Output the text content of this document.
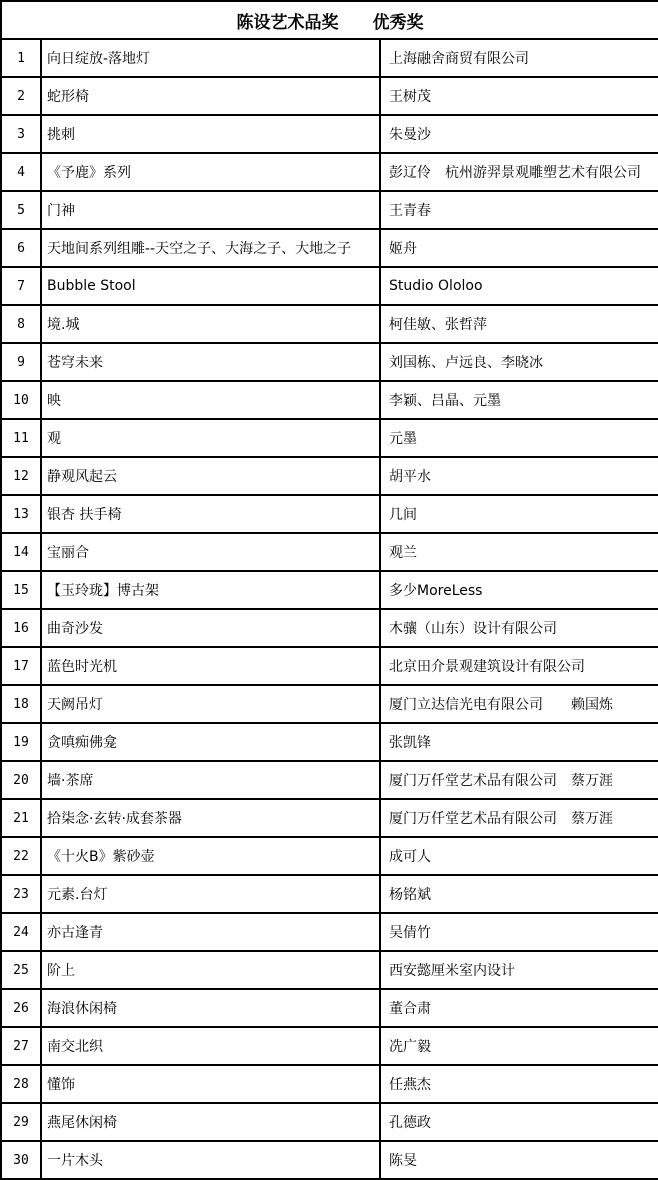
陈设艺术品奖　　优秀奖		
1	向日绽放-落地灯	上海融舍商贸有限公司
2	蛇形椅	王树茂
3	挑刺	朱曼沙
4	《予鹿》系列	彭辽伶　杭州游羿景观雕塑艺术有限公司
5	门神	王青春
6	天地间系列组雕--天空之子、大海之子、大地之子	姬舟
7	Bubble Stool	Studio Ololoo
8	境.城	柯佳敏、张哲萍
9	苍穹未来	刘国栋、卢远良、李晓冰
10	映	李颖、吕晶、元墨
11	观	元墨
12	静观风起云	胡平水
13	银杏 扶手椅	几间
14	宝丽合	观兰
15	【玉玲珑】博古架	多少MoreLess
16	曲奇沙发	木骧（山东）设计有限公司
17	蓝色时光机	北京田介景观建筑设计有限公司
18	天阙吊灯	厦门立达信光电有限公司　　赖国炼
19	贪嗔痴佛龛	张凯锋
20	墙·茶席	厦门万仟堂艺术品有限公司　蔡万涯
21	拾柒念·玄转·成套茶器	厦门万仟堂艺术品有限公司　蔡万涯
22	《十火B》紫砂壶	成可人
23	元素.台灯	杨铭斌
24	亦古逢青	吴倩竹
25	阶上	西安懿厘米室内设计
26	海浪休闲椅	董合肃
27	南交北织	冼广毅
28	懂饰	任燕杰
29	燕尾休闲椅	孔德政
30	一片木头	陈旻
